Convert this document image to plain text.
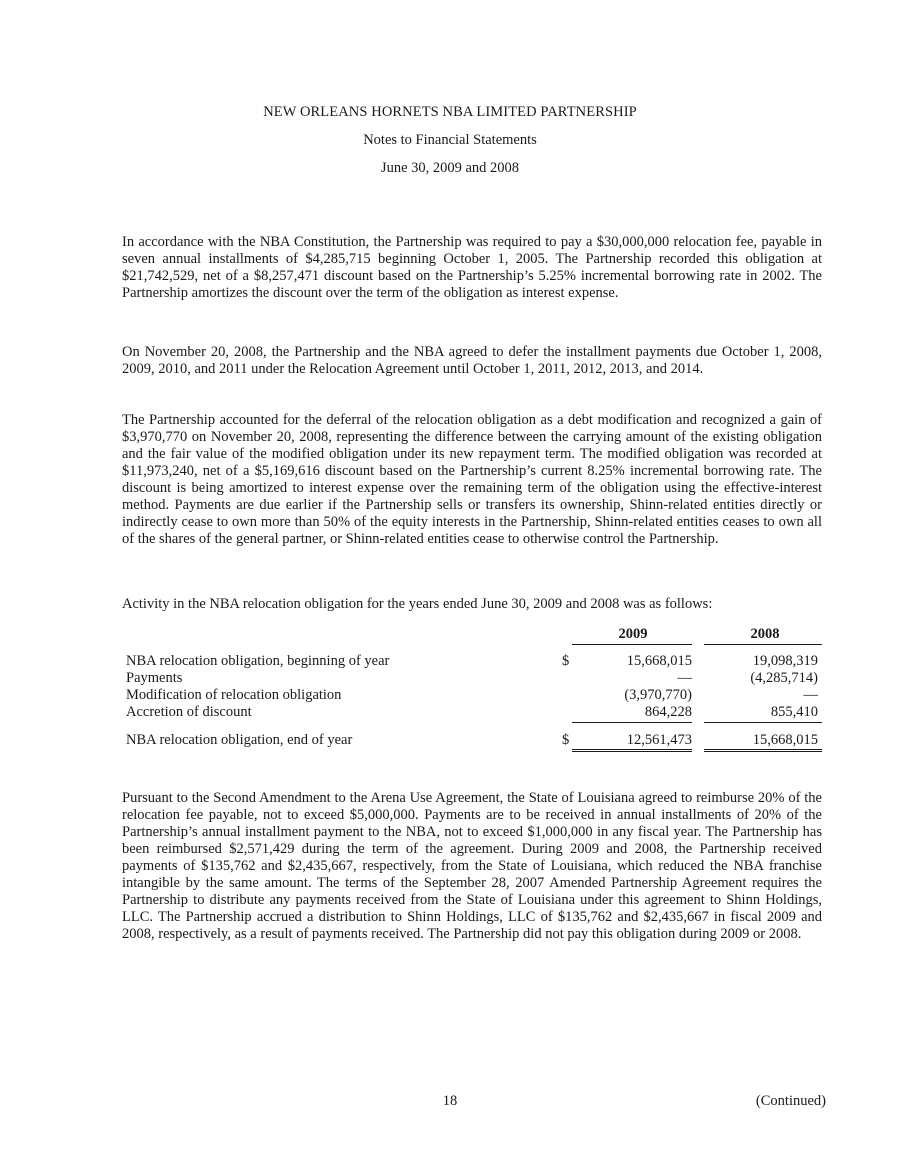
NEW ORLEANS HORNETS NBA LIMITED PARTNERSHIP
Notes to Financial Statements
June 30, 2009 and 2008

In accordance with the NBA Constitution, the Partnership was required to pay a $30,000,000 relocation fee, payable in seven annual installments of $4,285,715 beginning October 1, 2005. The Partnership recorded this obligation at $21,742,529, net of a $8,257,471 discount based on the Partnership’s 5.25% incremental borrowing rate in 2002. The Partnership amortizes the discount over the term of the obligation as interest expense.

On November 20, 2008, the Partnership and the NBA agreed to defer the installment payments due October 1, 2008, 2009, 2010, and 2011 under the Relocation Agreement until October 1, 2011, 2012, 2013, and 2014.

The Partnership accounted for the deferral of the relocation obligation as a debt modification and recognized a gain of $3,970,770 on November 20, 2008, representing the difference between the carrying amount of the existing obligation and the fair value of the modified obligation under its new repayment term. The modified obligation was recorded at $11,973,240, net of a $5,169,616 discount based on the Partnership’s current 8.25% incremental borrowing rate. The discount is being amortized to interest expense over the remaining term of the obligation using the effective-interest method. Payments are due earlier if the Partnership sells or transfers its ownership, Shinn-related entities directly or indirectly cease to own more than 50% of the equity interests in the Partnership, Shinn-related entities ceases to own all of the shares of the general partner, or Shinn-related entities cease to otherwise control the Partnership.

Activity in the NBA relocation obligation for the years ended June 30, 2009 and 2008 was as follows:

2009	2008
NBA relocation obligation, beginning of year	$	15,668,015	19,098,319
Payments	—	(4,285,714)
Modification of relocation obligation	(3,970,770)	—
Accretion of discount	864,228	855,410
NBA relocation obligation, end of year	$	12,561,473	15,668,015

Pursuant to the Second Amendment to the Arena Use Agreement, the State of Louisiana agreed to reimburse 20% of the relocation fee payable, not to exceed $5,000,000. Payments are to be received in annual installments of 20% of the Partnership’s annual installment payment to the NBA, not to exceed $1,000,000 in any fiscal year. The Partnership has been reimbursed $2,571,429 during the term of the agreement. During 2009 and 2008, the Partnership received payments of $135,762 and $2,435,667, respectively, from the State of Louisiana, which reduced the NBA franchise intangible by the same amount. The terms of the September 28, 2007 Amended Partnership Agreement requires the Partnership to distribute any payments received from the State of Louisiana under this agreement to Shinn Holdings, LLC. The Partnership accrued a distribution to Shinn Holdings, LLC of $135,762 and $2,435,667 in fiscal 2009 and 2008, respectively, as a result of payments received. The Partnership did not pay this obligation during 2009 or 2008.

18	(Continued)
